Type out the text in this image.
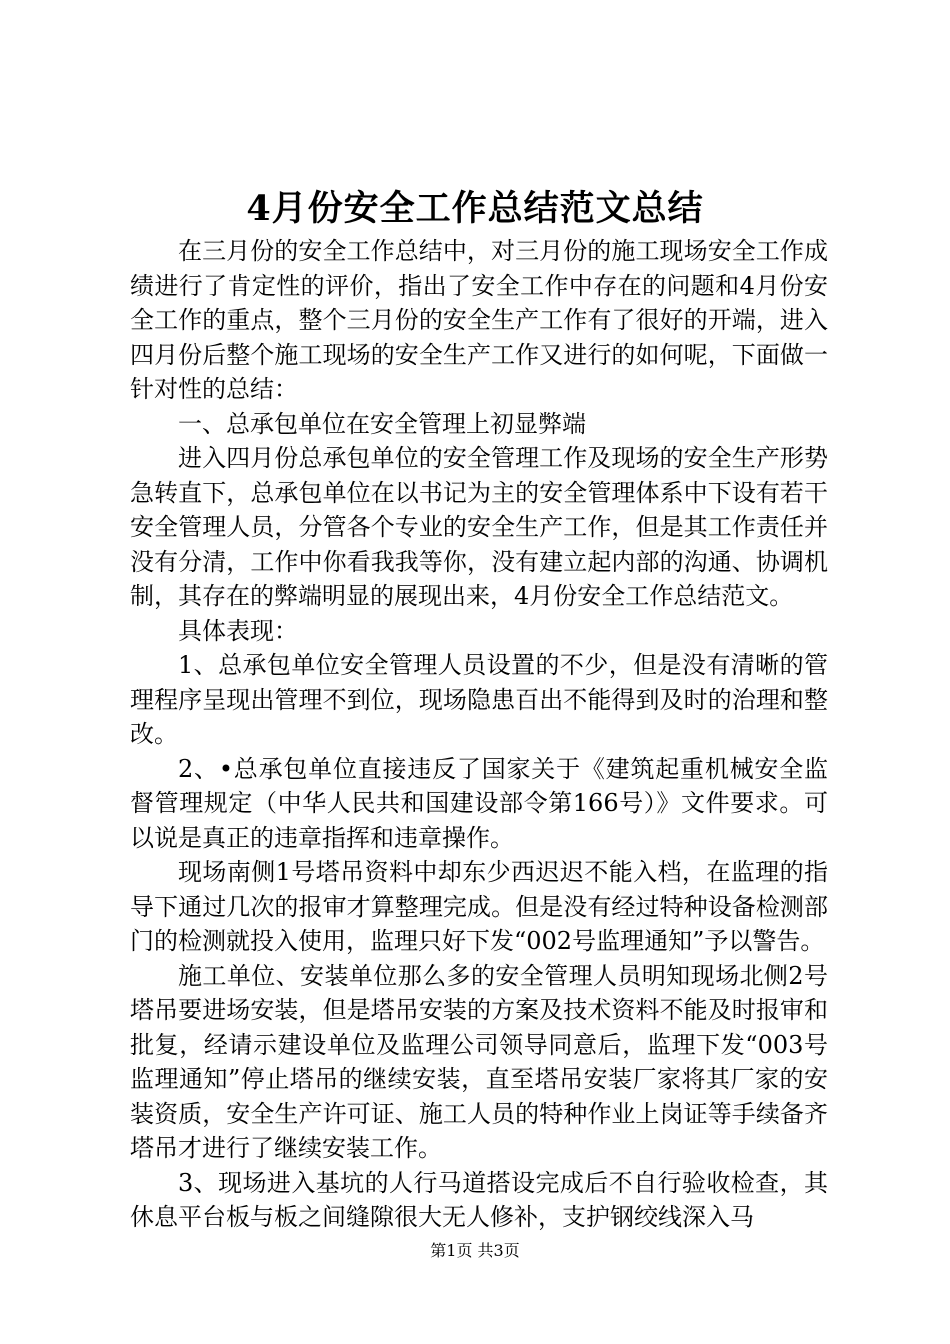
4月份安全工作总结范文总结

在三月份的安全工作总结中，对三月份的施工现场安全工作成绩进行了肯定性的评价，指出了安全工作中存在的问题和4月份安全工作的重点，整个三月份的安全生产工作有了很好的开端，进入四月份后整个施工现场的安全生产工作又进行的如何呢，下面做一针对性的总结：

一、总承包单位在安全管理上初显弊端

进入四月份总承包单位的安全管理工作及现场的安全生产形势急转直下，总承包单位在以书记为主的安全管理体系中下设有若干安全管理人员，分管各个专业的安全生产工作，但是其工作责任并没有分清，工作中你看我我等你，没有建立起内部的沟通、协调机制，其存在的弊端明显的展现出来，4月份安全工作总结范文。

具体表现：

1、总承包单位安全管理人员设置的不少，但是没有清晰的管理程序呈现出管理不到位，现场隐患百出不能得到及时的治理和整改。

2、•总承包单位直接违反了国家关于《建筑起重机械安全监督管理规定（中华人民共和国建设部令第166号）》文件要求。可以说是真正的违章指挥和违章操作。

现场南侧1号塔吊资料中却东少西迟迟不能入档，在监理的指导下通过几次的报审才算整理完成。但是没有经过特种设备检测部门的检测就投入使用，监理只好下发“002号监理通知”予以警告。

施工单位、安装单位那么多的安全管理人员明知现场北侧2号塔吊要进场安装，但是塔吊安装的方案及技术资料不能及时报审和批复，经请示建设单位及监理公司领导同意后，监理下发“003号监理通知”停止塔吊的继续安装，直至塔吊安装厂家将其厂家的安装资质，安全生产许可证、施工人员的特种作业上岗证等手续备齐塔吊才进行了继续安装工作。

3、现场进入基坑的人行马道搭设完成后不自行验收检查，其休息平台板与板之间缝隙很大无人修补，支护钢绞线深入马

第1页 共3页
